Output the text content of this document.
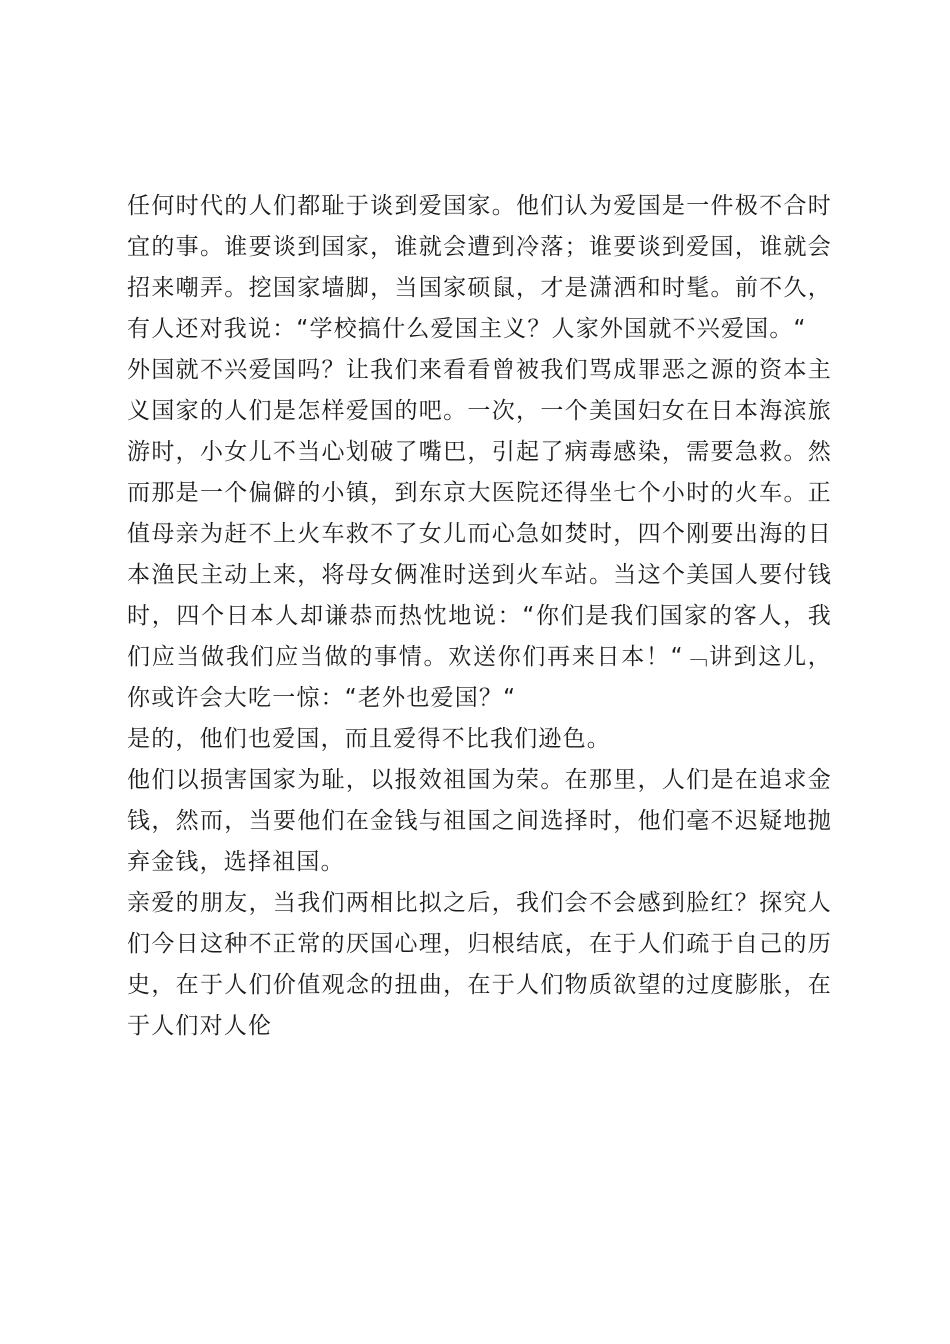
任何时代的人们都耻于谈到爱国家。他们认为爱国是一件极不合时宜的事。谁要谈到国家，谁就会遭到冷落；谁要谈到爱国，谁就会招来嘲弄。挖国家墙脚，当国家硕鼠，才是潇洒和时髦。前不久，有人还对我说：“学校搞什么爱国主义？人家外国就不兴爱国。“

外国就不兴爱国吗？让我们来看看曾被我们骂成罪恶之源的资本主义国家的人们是怎样爱国的吧。一次，一个美国妇女在日本海滨旅游时，小女儿不当心划破了嘴巴，引起了病毒感染，需要急救。然而那是一个偏僻的小镇，到东京大医院还得坐七个小时的火车。正值母亲为赶不上火车救不了女儿而心急如焚时，四个刚要出海的日本渔民主动上来，将母女俩准时送到火车站。当这个美国人要付钱时，四个日本人却谦恭而热忱地说：“你们是我们国家的客人，我们应当做我们应当做的事情。欢送你们再来日本！“﹁讲到这儿，你或许会大吃一惊：“老外也爱国？“

是的，他们也爱国，而且爱得不比我们逊色。

他们以损害国家为耻，以报效祖国为荣。在那里，人们是在追求金钱，然而，当要他们在金钱与祖国之间选择时，他们毫不迟疑地抛弃金钱，选择祖国。

亲爱的朋友，当我们两相比拟之后，我们会不会感到脸红？探究人们今日这种不正常的厌国心理，归根结底，在于人们疏于自己的历史，在于人们价值观念的扭曲，在于人们物质欲望的过度膨胀，在于人们对人伦
